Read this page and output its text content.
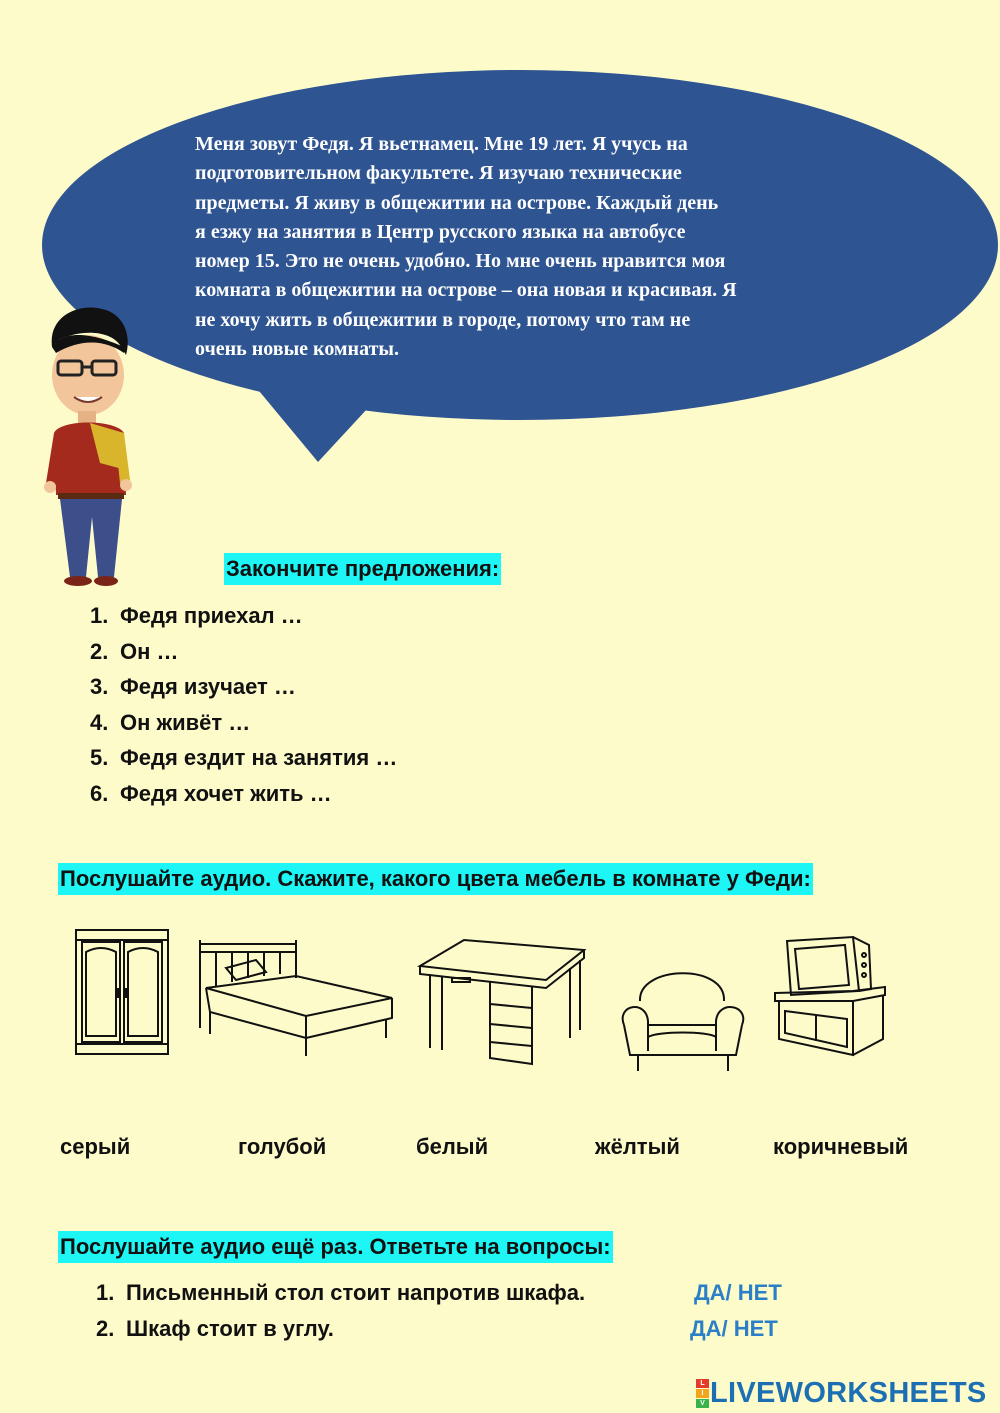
Меня зовут Федя. Я вьетнамец. Мне 19 лет. Я учусь на

подготовительном факультете. Я изучаю технические

предметы. Я живу в общежитии на острове. Каждый день

я езжу на занятия в Центр русского языка на автобусе

номер 15. Это не очень удобно. Но мне очень нравится моя

комната в общежитии на острове – она новая и красивая. Я

не хочу жить в общежитии в городе, потому что там не

очень новые комнаты.

Закончите предложения:
1. Федя приехал …
2. Он …
3. Федя изучает …
4. Он живёт …
5. Федя ездит на занятия …
6. Федя хочет жить …
Послушайте аудио. Скажите, какого цвета мебель в комнате у Феди:
серый	голубой	белый	жёлтый	коричневый
Послушайте аудио ещё раз. Ответьте на вопросы:
1. Письменный стол стоит напротив шкафа.
2. Шкаф стоит в углу.
ДА/ НЕТ
ДА/ НЕТ
L
I
V LIVEWORKSHEETS
